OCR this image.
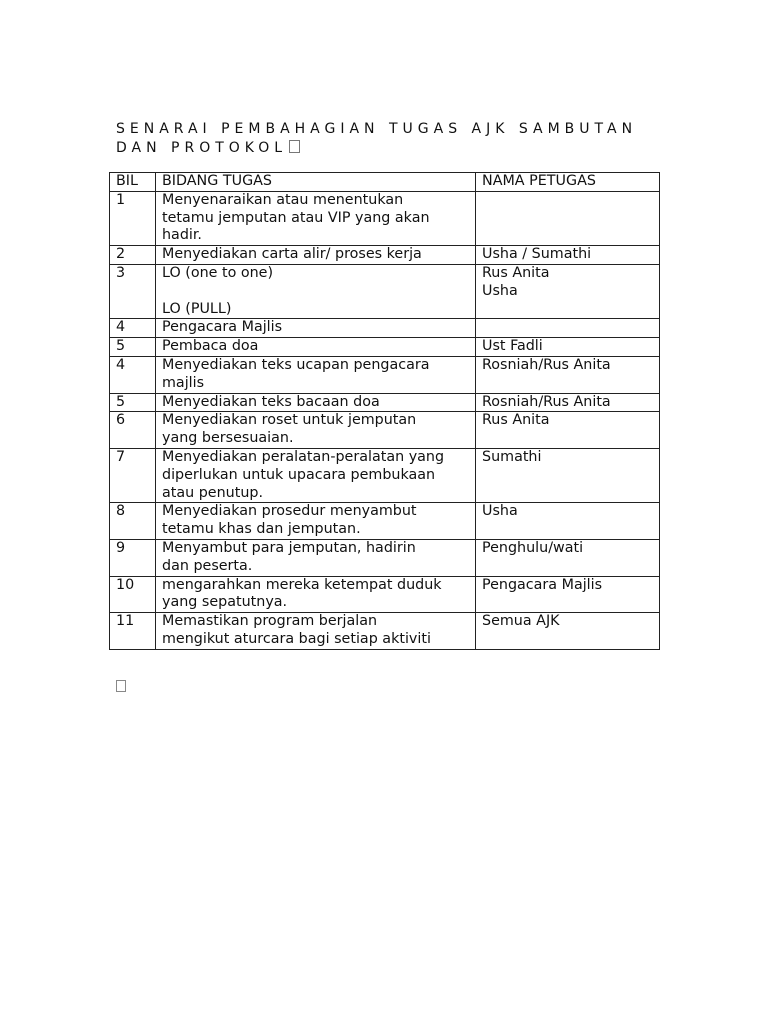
SENARAI PEMBAHAGIAN TUGAS AJK SAMBUTAN
DAN PROTOKOL
BIL	BIDANG TUGAS	NAMA PETUGAS
1	Menyenaraikan atau menentukan
tetamu jemputan atau VIP yang akan
hadir.	

2	Menyediakan carta alir/ proses kerja	Usha / Sumathi

3	LO (one to one)
LO (PULL)	Rus Anita
Usha

4	Pengacara Majlis	

5	Pembaca doa	Ust Fadli

4	Menyediakan teks ucapan pengacara
majlis	Rosniah/Rus Anita

5	Menyediakan teks bacaan doa	Rosniah/Rus Anita

6	Menyediakan roset untuk jemputan
yang bersesuaian.	Rus Anita

7	Menyediakan peralatan-peralatan yang
diperlukan untuk upacara pembukaan
atau penutup.	Sumathi

8	Menyediakan prosedur menyambut
tetamu khas dan jemputan.	Usha

9	Menyambut para jemputan, hadirin
dan peserta.	Penghulu/wati

10	mengarahkan mereka ketempat duduk
yang sepatutnya.	Pengacara Majlis

11	Memastikan program berjalan
mengikut aturcara bagi setiap aktiviti	Semua AJK
